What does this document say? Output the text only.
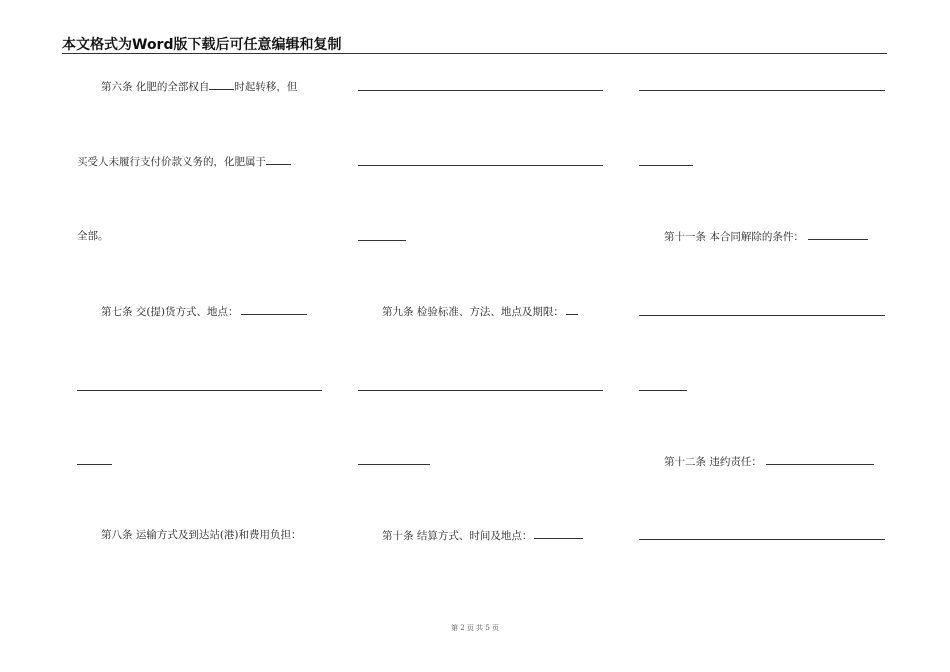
本文格式为Word版下载后可任意编辑和复制
第六条 化肥的全部权自 时起转移，但
买受人未履行支付价款义务的，化肥属于
全部。
第七条 交(提)货方式、地点：
第八条 运输方式及到达站(港)和费用负担：
第九条 检验标准、方法、地点及期限：
第十条 结算方式、时间及地点：
第十一条 本合同解除的条件：
第十二条 违约责任：
第 2 页 共 5 页
